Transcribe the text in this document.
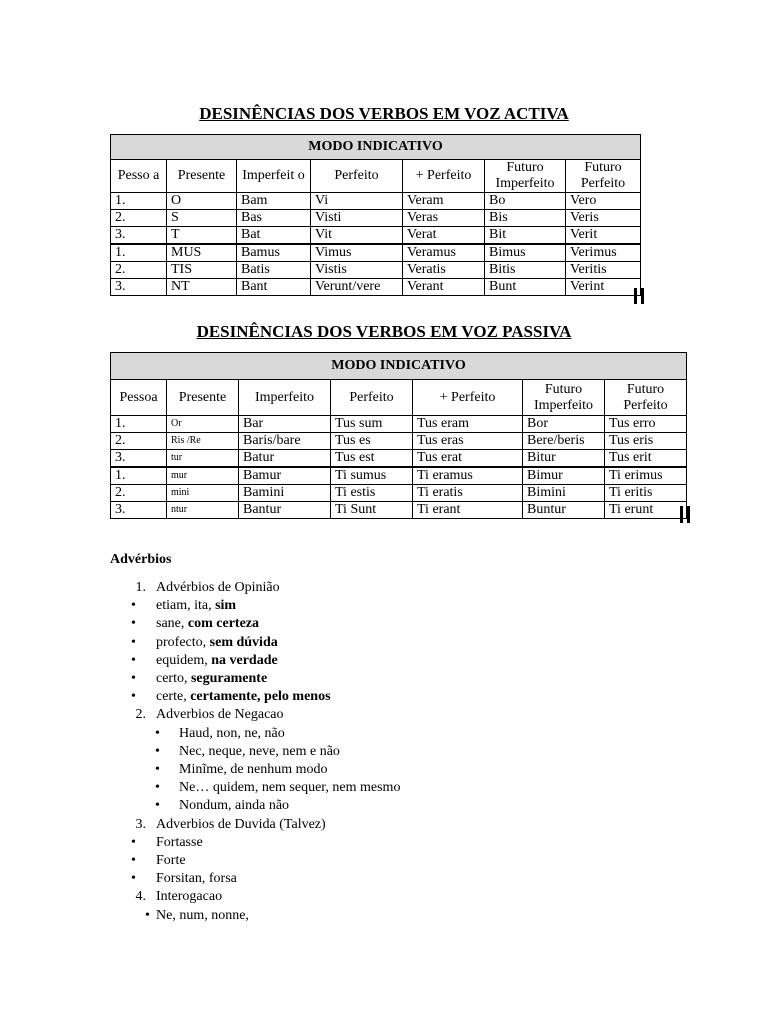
DESINÊNCIAS DOS VERBOS EM VOZ ACTIVA
MODO INDICATIVO						
Pesso a	Presente	Imperfeit o	Perfeito	+ Perfeito	Futuro Imperfeito	Futuro Perfeito
1.	O	Bam	Vi	Veram	Bo	Vero
2.	S	Bas	Visti	Veras	Bis	Veris
3.	T	Bat	Vit	Verat	Bit	Verit
1.	MUS	Bamus	Vimus	Veramus	Bimus	Verimus
2.	TIS	Batis	Vistis	Veratis	Bitis	Veritis
3.	NT	Bant	Verunt/vere	Verant	Bunt	Verint
DESINÊNCIAS DOS VERBOS EM VOZ PASSIVA
MODO INDICATIVO						
Pessoa	Presente	Imperfeito	Perfeito	+ Perfeito	Futuro Imperfeito	Futuro Perfeito
1.	Or	Bar	Tus sum	Tus eram	Bor	Tus erro
2.	Ris /Re	Baris/bare	Tus es	Tus eras	Bere/beris	Tus eris
3.	tur	Batur	Tus est	Tus erat	Bitur	Tus erit
1.	mur	Bamur	Ti sumus	Ti eramus	Bimur	Ti erimus
2.	mini	Bamini	Ti estis	Ti eratis	Bimini	Ti eritis
3.	ntur	Bantur	Ti Sunt	Ti erant	Buntur	Ti erunt
Advérbios
1. Advérbios de Opinião
• etiam, ita, sim
• sane, com certeza
• profecto, sem dúvida
• equidem, na verdade
• certo, seguramente
• certe, certamente, pelo menos
2. Adverbios de Negacao
• Haud, non, ne, não
• Nec, neque, neve, nem e não
• Minĩme, de nenhum modo
• Ne… quidem, nem sequer, nem mesmo
• Nondum, ainda não
3. Adverbios de Duvida (Talvez)
• Fortasse
• Forte
• Forsitan, forsa
4. Interogacao
• Ne, num, nonne,
